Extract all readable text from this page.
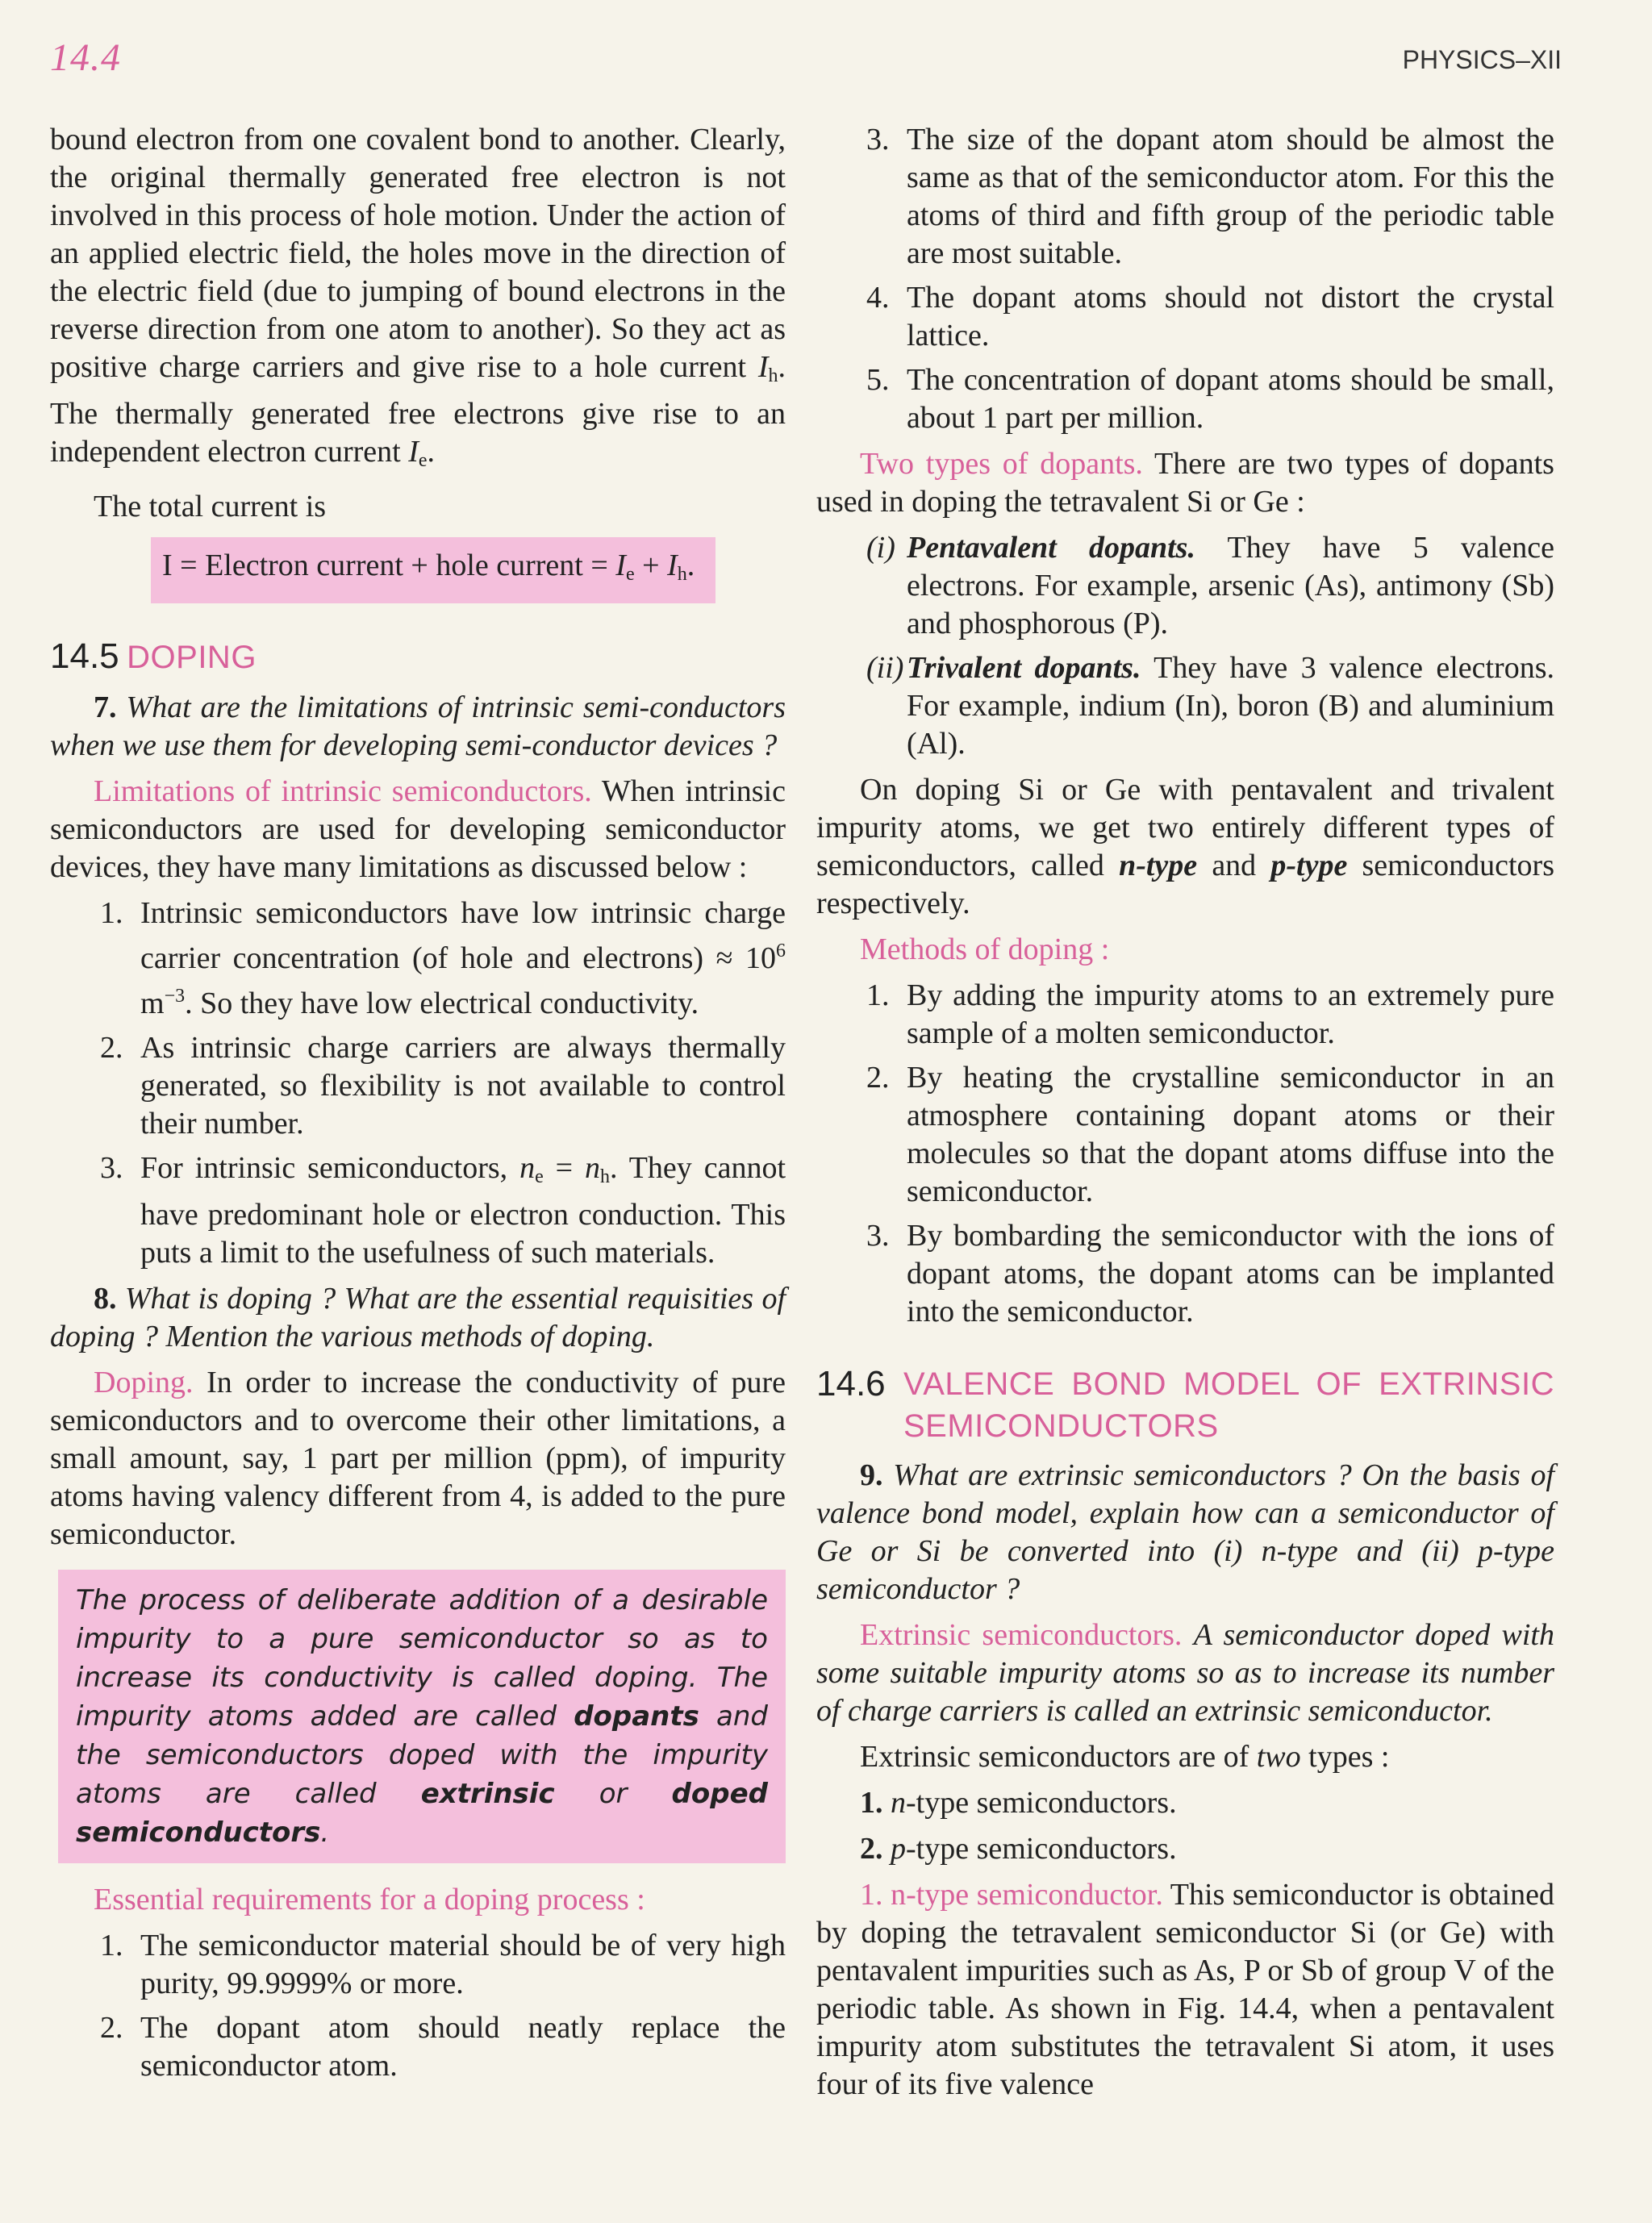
14.4	PHYSICS–XII

bound electron from one covalent bond to another. Clearly, the original thermally generated free electron is not involved in this process of hole motion. Under the action of an applied electric field, the holes move in the direction of the electric field (due to jumping of bound electrons in the reverse direction from one atom to another). So they act as positive charge carriers and give rise to a hole current $I_h$. The thermally generated free electrons give rise to an independent electron current $I_e$.

The total current is

I = Electron current + hole current = $I_e + I_h$.
14.5 DOPING

7. What are the limitations of intrinsic semi-conductors when we use them for developing semi-conductor devices ?

Limitations of intrinsic semiconductors. When intrinsic semiconductors are used for developing semiconductor devices, they have many limitations as discussed below :

1. Intrinsic semiconductors have low intrinsic charge carrier concentration (of hole and electrons) ≈ $10^6$ $m^{-3}$. So they have low electrical conductivity.
2. As intrinsic charge carriers are always thermally generated, so flexibility is not available to control their number.
3. For intrinsic semiconductors, $n_e = n_h$. They cannot have predominant hole or electron conduction. This puts a limit to the usefulness of such materials.

8. What is doping ? What are the essential requisities of doping ? Mention the various methods of doping.

Doping. In order to increase the conductivity of pure semiconductors and to overcome their other limitations, a small amount, say, 1 part per million (ppm), of impurity atoms having valency different from 4, is added to the pure semiconductor.

The process of deliberate addition of a desirable impurity to a pure semiconductor so as to increase its conductivity is called doping. The impurity atoms added are called dopants and the semiconductors doped with the impurity atoms are called extrinsic or doped semiconductors.

Essential requirements for a doping process :

1. The semiconductor material should be of very high purity, 99.9999% or more.
2. The dopant atom should neatly replace the semiconductor atom.
3. The size of the dopant atom should be almost the same as that of the semiconductor atom. For this the atoms of third and fifth group of the periodic table are most suitable.
4. The dopant atoms should not distort the crystal lattice.
5. The concentration of dopant atoms should be small, about 1 part per million.

Two types of dopants. There are two types of dopants used in doping the tetravalent Si or Ge :

(i) Pentavalent dopants. They have 5 valence electrons. For example, arsenic (As), antimony (Sb) and phosphorous (P).
(ii) Trivalent dopants. They have 3 valence electrons. For example, indium (In), boron (B) and aluminium (Al).

On doping Si or Ge with pentavalent and trivalent impurity atoms, we get two entirely different types of semiconductors, called n-type and p-type semiconductors respectively.

Methods of doping :

1. By adding the impurity atoms to an extremely pure sample of a molten semiconductor.
2. By heating the crystalline semiconductor in an atmosphere containing dopant atoms or their molecules so that the dopant atoms diffuse into the semiconductor.
3. By bombarding the semiconductor with the ions of dopant atoms, the dopant atoms can be implanted into the semiconductor.
14.6 VALENCE BOND MODEL OF EXTRINSIC SEMICONDUCTORS

9. What are extrinsic semiconductors ? On the basis of valence bond model, explain how can a semiconductor of Ge or Si be converted into (i) n-type and (ii) p-type semiconductor ?

Extrinsic semiconductors. A semiconductor doped with some suitable impurity atoms so as to increase its number of charge carriers is called an extrinsic semiconductor.

Extrinsic semiconductors are of two types :

1. n-type semiconductors.

2. p-type semiconductors.

1. n-type semiconductor. This semiconductor is obtained by doping the tetravalent semiconductor Si (or Ge) with pentavalent impurities such as As, P or Sb of group V of the periodic table. As shown in Fig. 14.4, when a pentavalent impurity atom substitutes the tetravalent Si atom, it uses four of its five valence
